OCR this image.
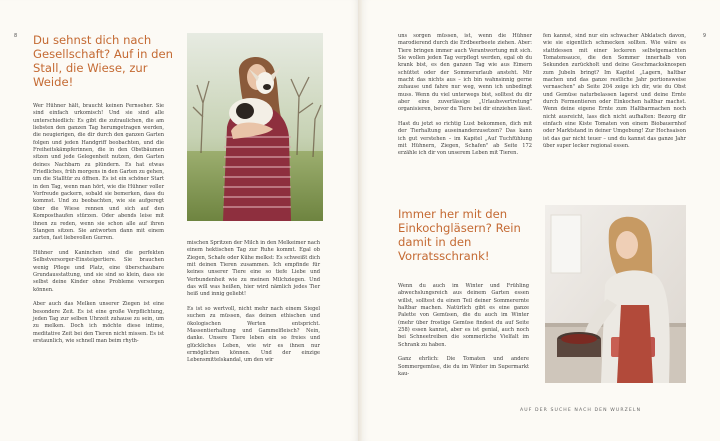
8 Du sehnst dich nach Gesellschaft? Auf in den Stall, die Wiese, zur Weide!

Wer Hühner hält, braucht keinen Fernseher. Sie sind einfach urkomisch! Und sie sind alle unterschiedlich: Es gibt die zutraulichen, die am liebsten den ganzen Tag herumgetragen werden, die neugierigen, die dir durch den ganzen Garten folgen und jeden Handgriff beobachten, und die Freiheitskämpferinnen, die in den Obstbäumen sitzen und jede Gelegenheit nutzen, den Garten deines Nachbarn zu plündern. Es hat etwas Friedliches, früh morgens in den Garten zu gehen, um die Stalltür zu öffnen. Es ist ein schöner Start in den Tag, wenn man hört, wie die Hühner voller Vorfreude gackern, sobald sie bemerken, dass du kommst. Und zu beobachten, wie sie aufgeregt über die Wiese rennen und sich auf den Komposthaufen stürzen. Oder abends leise mit ihnen zu reden, wenn sie schon alle auf ihren Stangen sitzen. Sie antworten dann mit einem zarten, fast liebevollen Gurren.

Hühner und Kaninchen sind die perfekten Selbstversorger-Einsteigertiere. Sie brauchen wenig Pflege und Platz, eine überschaubare Grundausstattung, und sie sind so klein, dass sie selbst deine Kinder ohne Probleme versorgen können.

Aber auch das Melken unserer Ziegen ist eine besondere Zeit. Es ist eine große Verpflichtung, jeden Tag zur selben Uhrzeit zuhause zu sein, um zu melken. Doch ich möchte diese intime, meditative Zeit bei den Tieren nicht missen. Es ist erstaunlich, wie schnell man beim rhyth-

mischen Spritzen der Milch in den Melkeimer nach einem hektischen Tag zur Ruhe kommt. Egal ob Ziegen, Schafe oder Kühe melkst: Es schweißt dich mit deinen Tieren zusammen. Ich empfinde für keines unserer Tiere eine so tiefe Liebe und Verbundenheit wie zu meinen Milchziegen. Und das will was heißen, hier wird nämlich jedes Tier heiß und innig geliebt!

Es ist so wertvoll, nicht mehr nach einem Siegel suchen zu müssen, das deinen ethischen und ökologischen Werten entspricht. Massentierhaltung und Gammelfleisch? Nein, danke. Unsere Tiere leben ein so freies und glückliches Leben, wie wir es ihnen nur ermöglichen können. Und der einzige Lebensmittelskandal, um den wir

9

uns sorgen müssen, ist, wenn die Hühner marodierend durch die Erdbeerbeete ziehen. Aber: Tiere bringen immer auch Verantwortung mit sich. Sie wollen jeden Tag verpflegt werden, egal ob du krank bist, es den ganzen Tag wie aus Eimern schüttet oder der Sommerurlaub ansteht. Mir macht das nichts aus – ich bin wahnsinnig gerne zuhause und fahre nur weg, wenn ich unbedingt muss. Wenn du viel unterwegs bist, solltest du dir aber eine zuverlässige „Urlaubsvertretung" organisieren, bevor du Tiere bei dir einziehen lässt.

Hast du jetzt so richtig Lust bekommen, dich mit der Tierhaltung auseinanderzusetzen? Das kann ich gut verstehen – im Kapitel „Auf Tuchfühlung mit Hühnern, Ziegen, Schafen" ab Seite 172 erzähle ich dir von unserem Leben mit Tieren.

fen kannst, sind nur ein schwacher Abklatsch davon, wie sie eigentlich schmecken sollten. Wie wäre es stattdessen mit einer leckeren selbstgemachten Tomatensauce, die den Sommer innerhalb von Sekunden zurückholt und deine Geschmacksknospen zum Jubeln bringt? Im Kapitel „Lagern, haltbar machen und das ganze restliche Jahr portionsweise vernaschen" ab Seite 204 zeige ich dir, wie du Obst und Gemüse naturbelassen lagerst und deine Ernte durch Fermentieren oder Einkochen haltbar machst. Wenn deine eigene Ernte zum Haltbarmachen noch nicht ausreicht, lass dich nicht aufhalten: Bezorg dir einfach eine Kiste Tomaten von einem Biobauernhof oder Marktstand in deiner Umgebung! Zur Hochsaison ist das gar nicht teuer – und du kannst das ganze Jahr über super lecker regional essen.

Immer her mit den Einkochgläsern? Rein damit in den Vorratsschrank!

Wenn du auch im Winter und Frühling abwechslungsreich aus deinem Garten essen willst, solltest du einen Teil deiner Sommerernte haltbar machen. Natürlich gibt es eine ganze Palette von Gemüsen, die du auch im Winter (mehr über frostige Gemüse findest du auf Seite 258) essen kannst, aber es ist genial, auch noch bei Schneetreiben die sommerliche Vielfalt im Schrank zu haben.

Ganz ehrlich: Die Tomaten und andere Sommergemüse, die du im Winter im Supermarkt kau-

AUF DER SUCHE NACH DEN WURZELN
